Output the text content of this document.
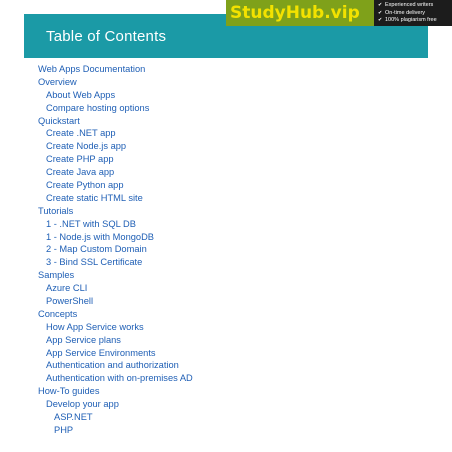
Table of Contents
StudyHub.vip	✔ Experienced writers
✔ On-time delivery
✔ 100% plagiarism free
Web Apps Documentation
Overview
About Web Apps
Compare hosting options
Quickstart
Create .NET app
Create Node.js app
Create PHP app
Create Java app
Create Python app
Create static HTML site
Tutorials
1 - .NET with SQL DB
1 - Node.js with MongoDB
2 - Map Custom Domain
3 - Bind SSL Certificate
Samples
Azure CLI
PowerShell
Concepts
How App Service works
App Service plans
App Service Environments
Authentication and authorization
Authentication with on-premises AD
How-To guides
Develop your app
ASP.NET
PHP
